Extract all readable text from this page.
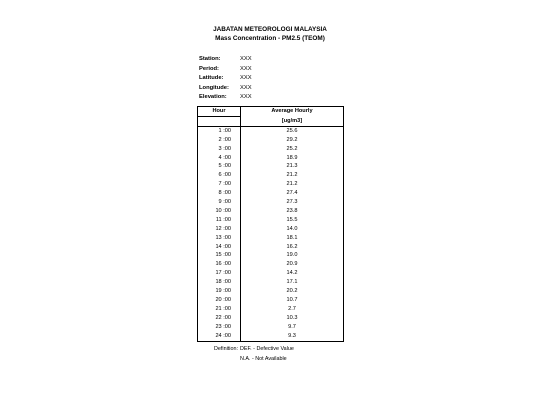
JABATAN METEOROLOGI MALAYSIA
Mass Concentration - PM2.5 (TEOM)
Station:	XXX
Period:	XXX
Latitude:	XXX
Longitude: XXX
Elevation: XXX
Hour	Average Hourly
	[ug/m3]
1 :00	25.6
2 :00	29.2
3 :00	25.2
4 :00	18.9
5 :00	21.3
6 :00	21.2
7 :00	21.2
8 :00	27.4
9 :00	27.3
10 :00	23.8
11 :00	15.5
12 :00	14.0
13 :00	18.1
14 :00	16.2
15 :00	19.0
16 :00	20.9
17 :00	14.2
18 :00	17.1
19 :00	20.2
20 :00	10.7
21 :00	2.7
22 :00	10.3
23 :00	9.7
24 :00	9.3
Definition: DEF. - Defective Value
N.A. - Not Available
